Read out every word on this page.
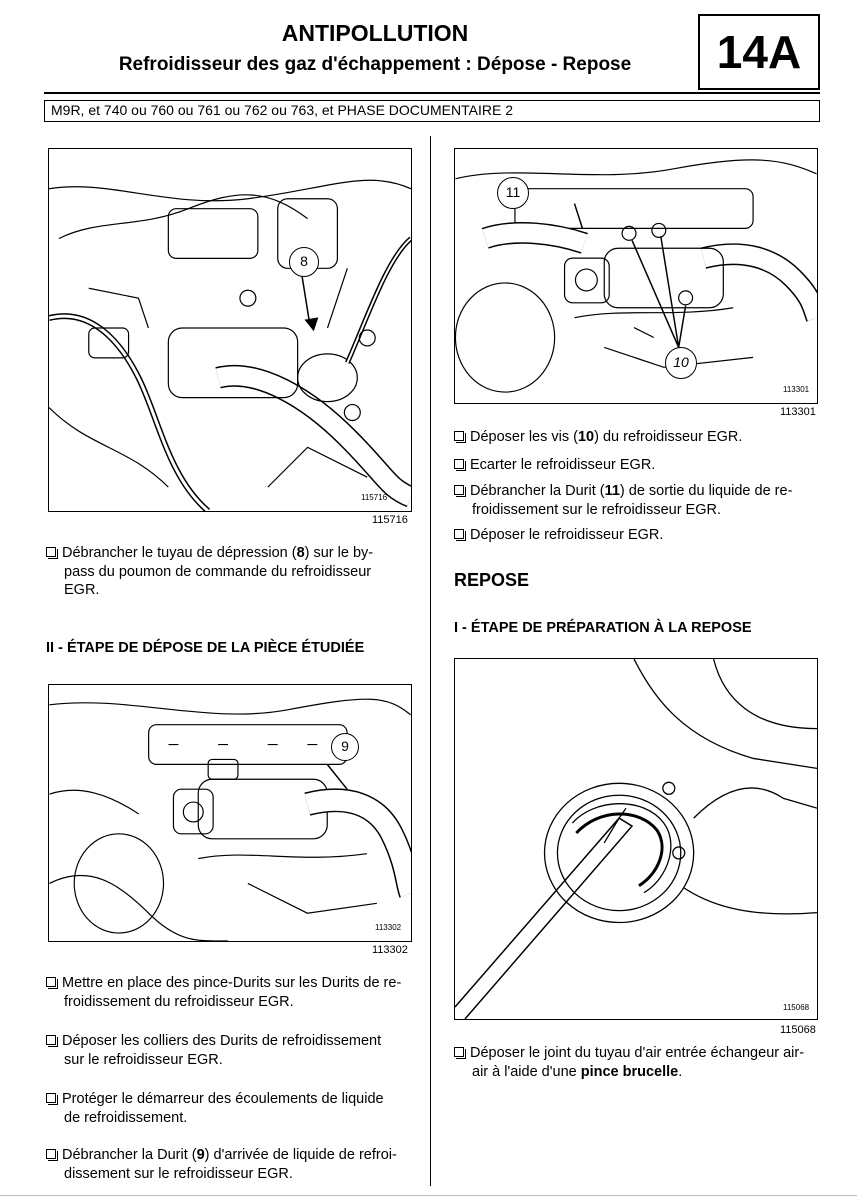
ANTIPOLLUTION
Refroidisseur des gaz d'échappement : Dépose - Repose	14A
M9R, et 740 ou 760 ou 761 ou 762 ou 763, et PHASE DOCUMENTAIRE 2
8
115716
115716
Débrancher le tuyau de dépression (8) sur le by-
pass du poumon de commande du refroidisseur
EGR.
II - ÉTAPE DE DÉPOSE DE LA PIÈCE ÉTUDIÉE
9
113302
113302
Mettre en place des pince-Durits sur les Durits de re-
froidissement du refroidisseur EGR.
Déposer les colliers des Durits de refroidissement
sur le refroidisseur EGR.
Protéger le démarreur des écoulements de liquide
de refroidissement.
Débrancher la Durit (9) d'arrivée de liquide de refroi-
dissement sur le refroidisseur EGR.
11
10
113301
113301
Déposer les vis (10) du refroidisseur EGR.
Ecarter le refroidisseur EGR.
Débrancher la Durit (11) de sortie du liquide de re-
froidissement sur le refroidisseur EGR.
Déposer le refroidisseur EGR.
REPOSE
I - ÉTAPE DE PRÉPARATION À LA REPOSE
115068
115068
Déposer le joint du tuyau d'air entrée échangeur air-
air à l'aide d'une pince brucelle.
